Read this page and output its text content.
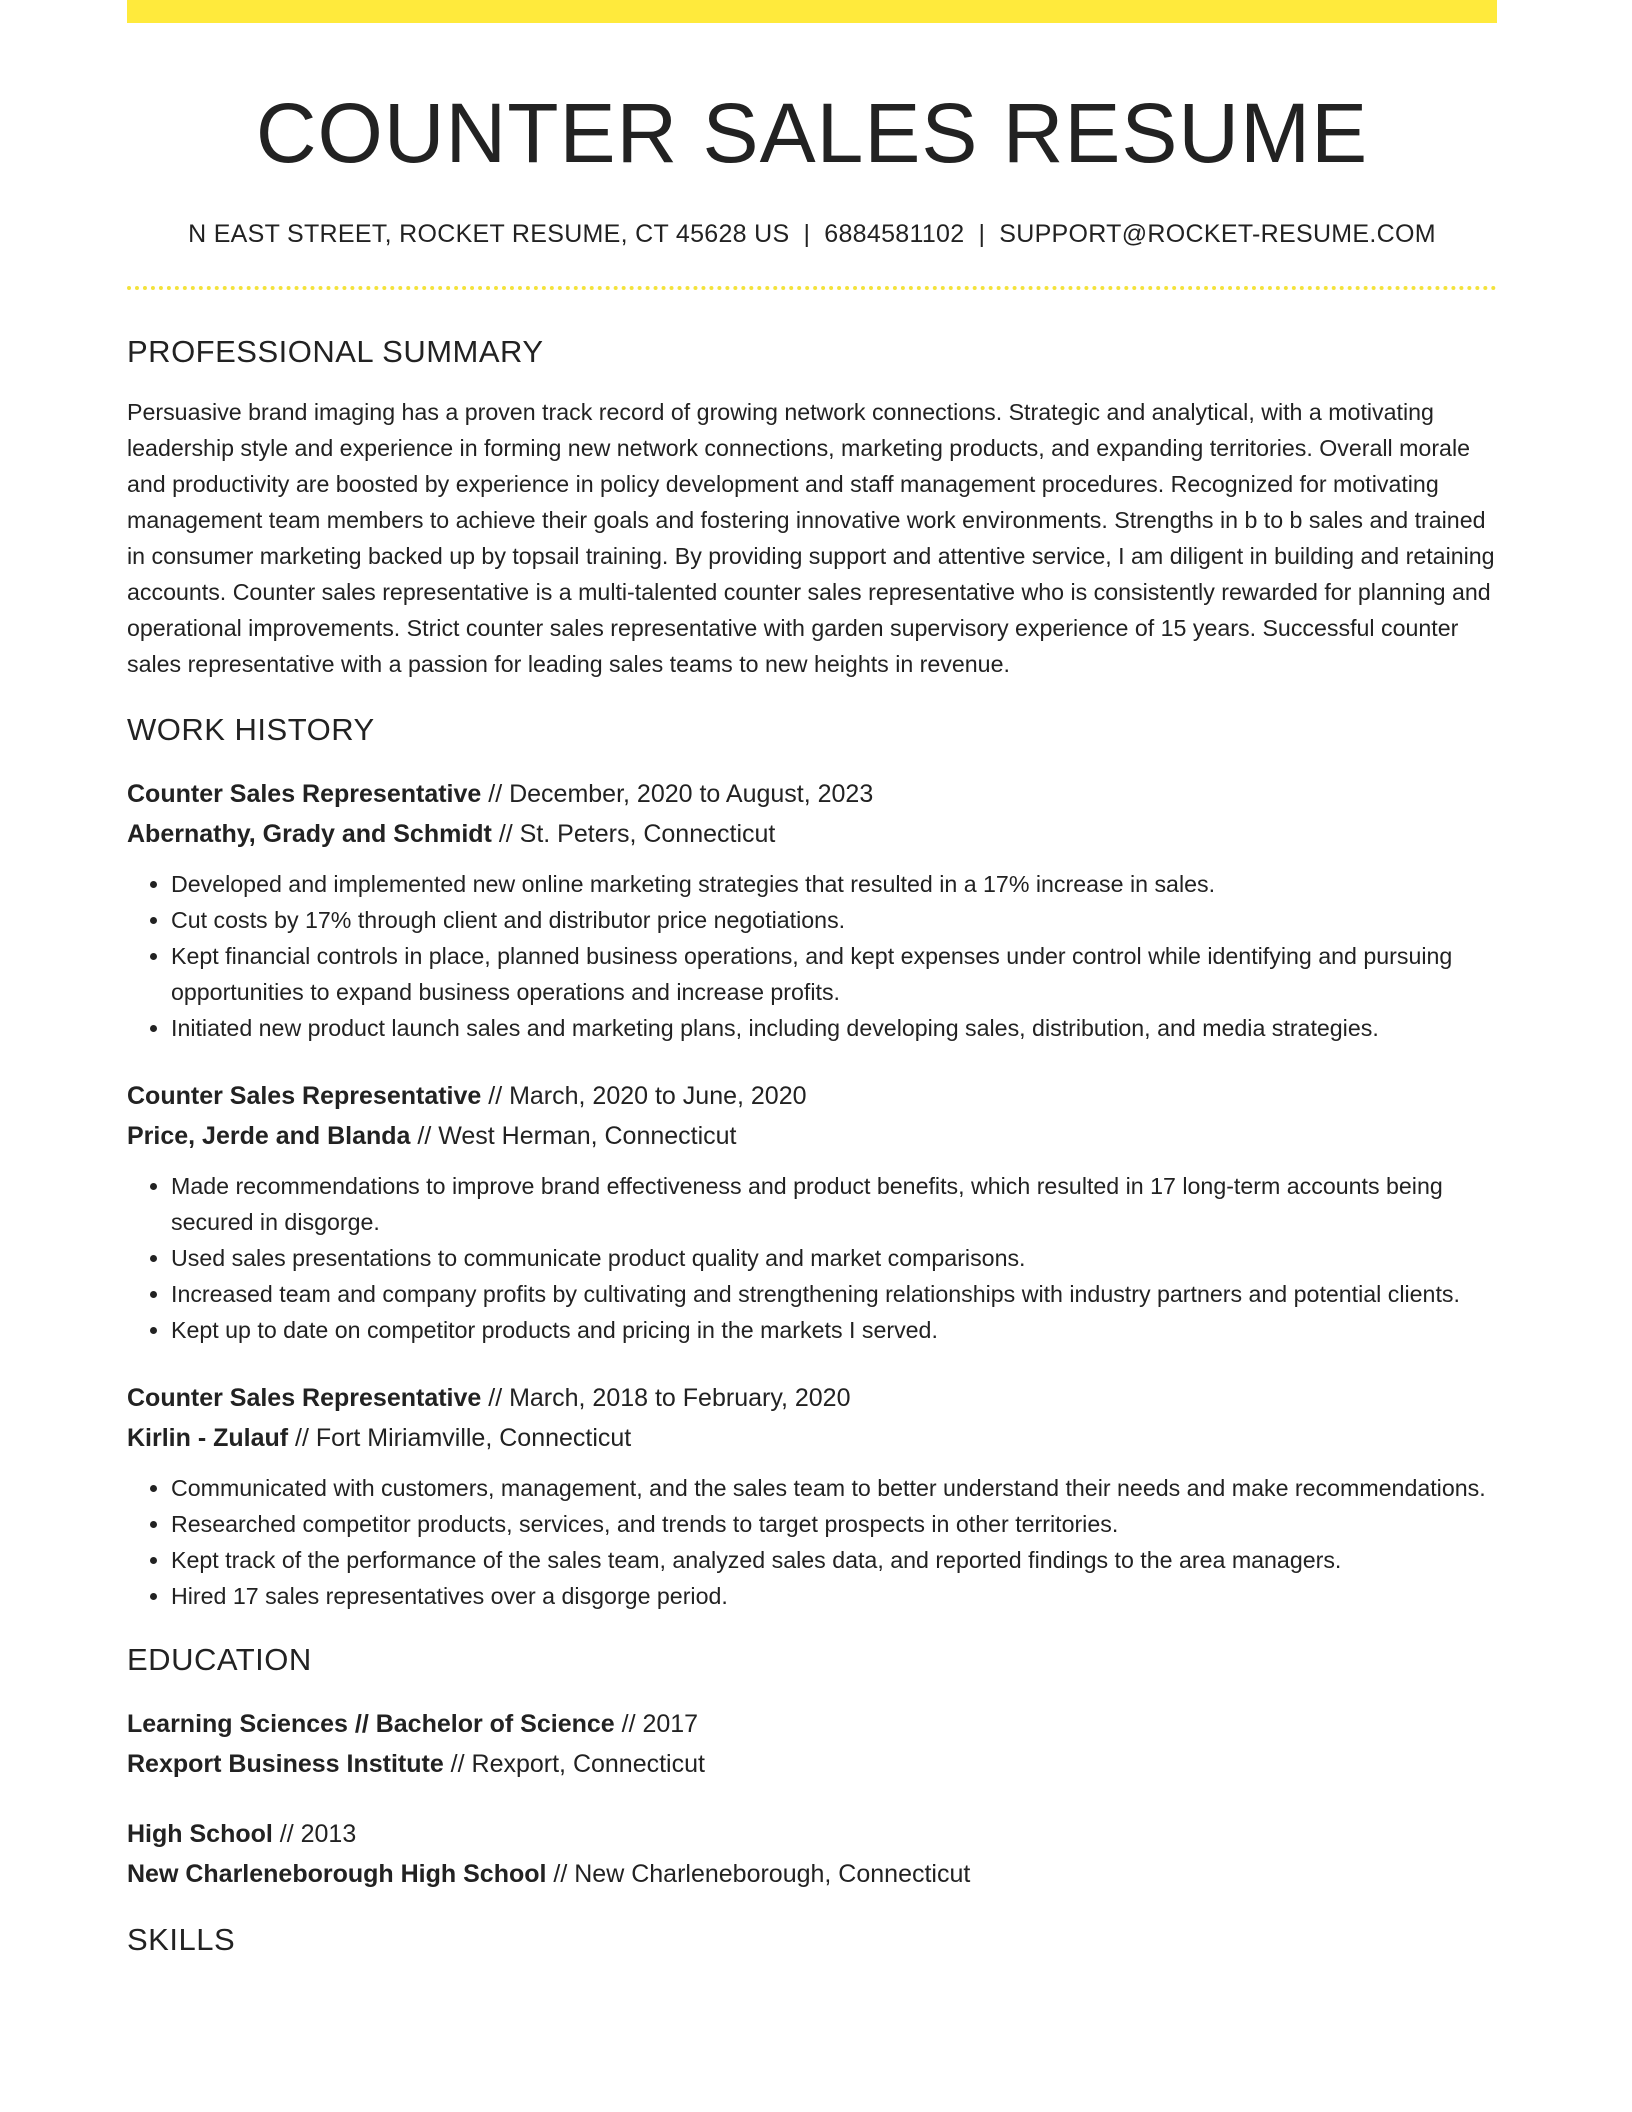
COUNTER SALES RESUME
N EAST STREET, ROCKET RESUME, CT 45628 US | 6884581102 | SUPPORT@ROCKET-RESUME.COM
PROFESSIONAL SUMMARY
Persuasive brand imaging has a proven track record of growing network connections. Strategic and analytical, with a motivating leadership style and experience in forming new network connections, marketing products, and expanding territories. Overall morale and productivity are boosted by experience in policy development and staff management procedures. Recognized for motivating management team members to achieve their goals and fostering innovative work environments. Strengths in b to b sales and trained in consumer marketing backed up by topsail training. By providing support and attentive service, I am diligent in building and retaining accounts. Counter sales representative is a multi-talented counter sales representative who is consistently rewarded for planning and operational improvements. Strict counter sales representative with garden supervisory experience of 15 years. Successful counter sales representative with a passion for leading sales teams to new heights in revenue.
WORK HISTORY
Counter Sales Representative // December, 2020 to August, 2023
Abernathy, Grady and Schmidt // St. Peters, Connecticut
• Developed and implemented new online marketing strategies that resulted in a 17% increase in sales.
• Cut costs by 17% through client and distributor price negotiations.
• Kept financial controls in place, planned business operations, and kept expenses under control while identifying and pursuing opportunities to expand business operations and increase profits.
• Initiated new product launch sales and marketing plans, including developing sales, distribution, and media strategies.
Counter Sales Representative // March, 2020 to June, 2020
Price, Jerde and Blanda // West Herman, Connecticut
• Made recommendations to improve brand effectiveness and product benefits, which resulted in 17 long-term accounts being secured in disgorge.
• Used sales presentations to communicate product quality and market comparisons.
• Increased team and company profits by cultivating and strengthening relationships with industry partners and potential clients.
• Kept up to date on competitor products and pricing in the markets I served.
Counter Sales Representative // March, 2018 to February, 2020
Kirlin - Zulauf // Fort Miriamville, Connecticut
• Communicated with customers, management, and the sales team to better understand their needs and make recommendations.
• Researched competitor products, services, and trends to target prospects in other territories.
• Kept track of the performance of the sales team, analyzed sales data, and reported findings to the area managers.
• Hired 17 sales representatives over a disgorge period.
EDUCATION
Learning Sciences // Bachelor of Science // 2017
Rexport Business Institute // Rexport, Connecticut
High School // 2013
New Charleneborough High School // New Charleneborough, Connecticut
SKILLS
